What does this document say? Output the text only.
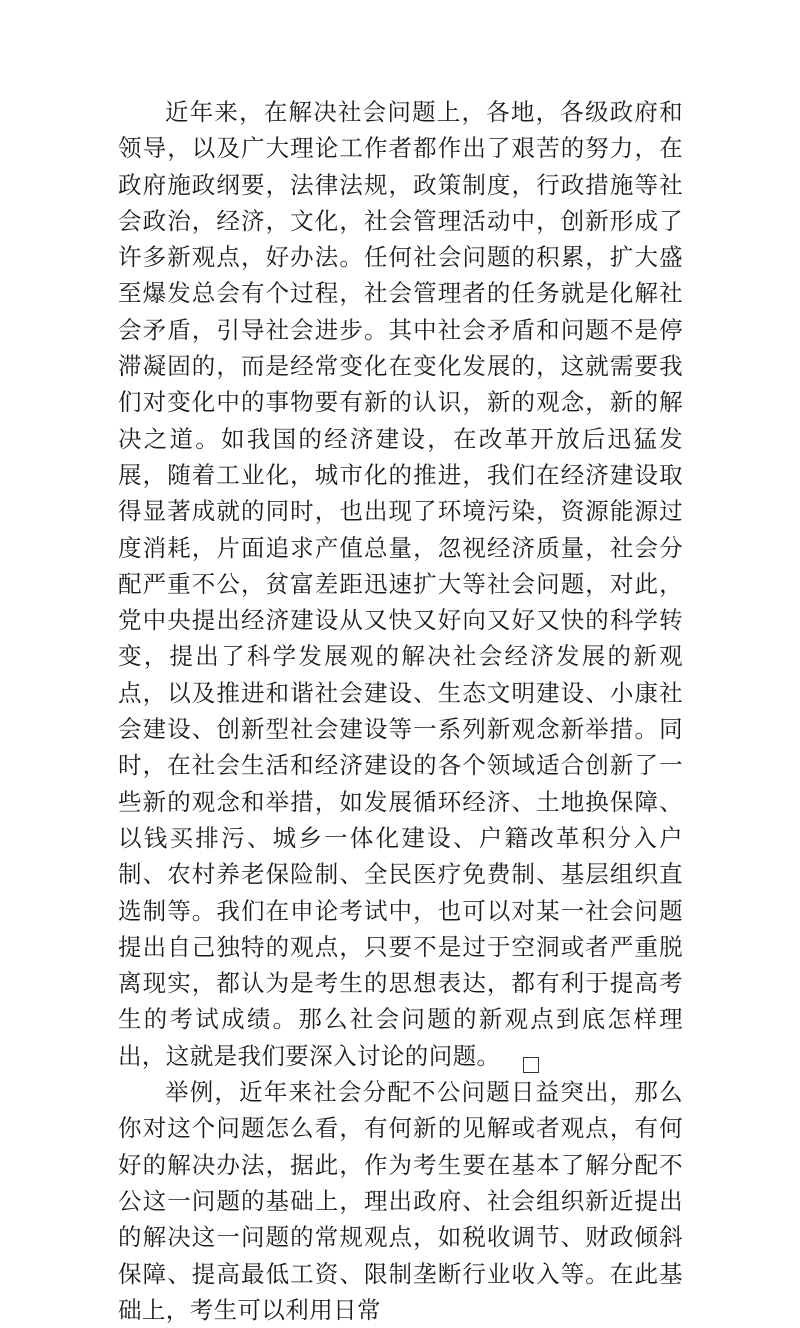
近年来，在解决社会问题上，各地，各级政府和领导，以及广大理论工作者都作出了艰苦的努力，在政府施政纲要，法律法规，政策制度，行政措施等社会政治，经济，文化，社会管理活动中，创新形成了许多新观点，好办法。任何社会问题的积累，扩大盛至爆发总会有个过程，社会管理者的任务就是化解社会矛盾，引导社会进步。其中社会矛盾和问题不是停滞凝固的，而是经常变化在变化发展的，这就需要我们对变化中的事物要有新的认识，新的观念，新的解决之道。如我国的经济建设，在改革开放后迅猛发展，随着工业化，城市化的推进，我们在经济建设取得显著成就的同时，也出现了环境污染，资源能源过度消耗，片面追求产值总量，忽视经济质量，社会分配严重不公，贫富差距迅速扩大等社会问题，对此，党中央提出经济建设从又快又好向又好又快的科学转变，提出了科学发展观的解决社会经济发展的新观点，以及推进和谐社会建设、生态文明建设、小康社会建设、创新型社会建设等一系列新观念新举措。同时，在社会生活和经济建设的各个领域适合创新了一些新的观念和举措，如发展循环经济、土地换保障、以钱买排污、城乡一体化建设、户籍改革积分入户制、农村养老保险制、全民医疗免费制、基层组织直选制等。我们在申论考试中，也可以对某一社会问题提出自己独特的观点，只要不是过于空洞或者严重脱离现实，都认为是考生的思想表达，都有利于提高考生的考试成绩。那么社会问题的新观点到底怎样理出，这就是我们要深入讨论的问题。

举例，近年来社会分配不公问题日益突出，那么你对这个问题怎么看，有何新的见解或者观点，有何好的解决办法，据此，作为考生要在基本了解分配不公这一问题的基础上，理出政府、社会组织新近提出的解决这一问题的常规观点，如税收调节、财政倾斜保障、提高最低工资、限制垄断行业收入等。在此基础上，考生可以利用日常
